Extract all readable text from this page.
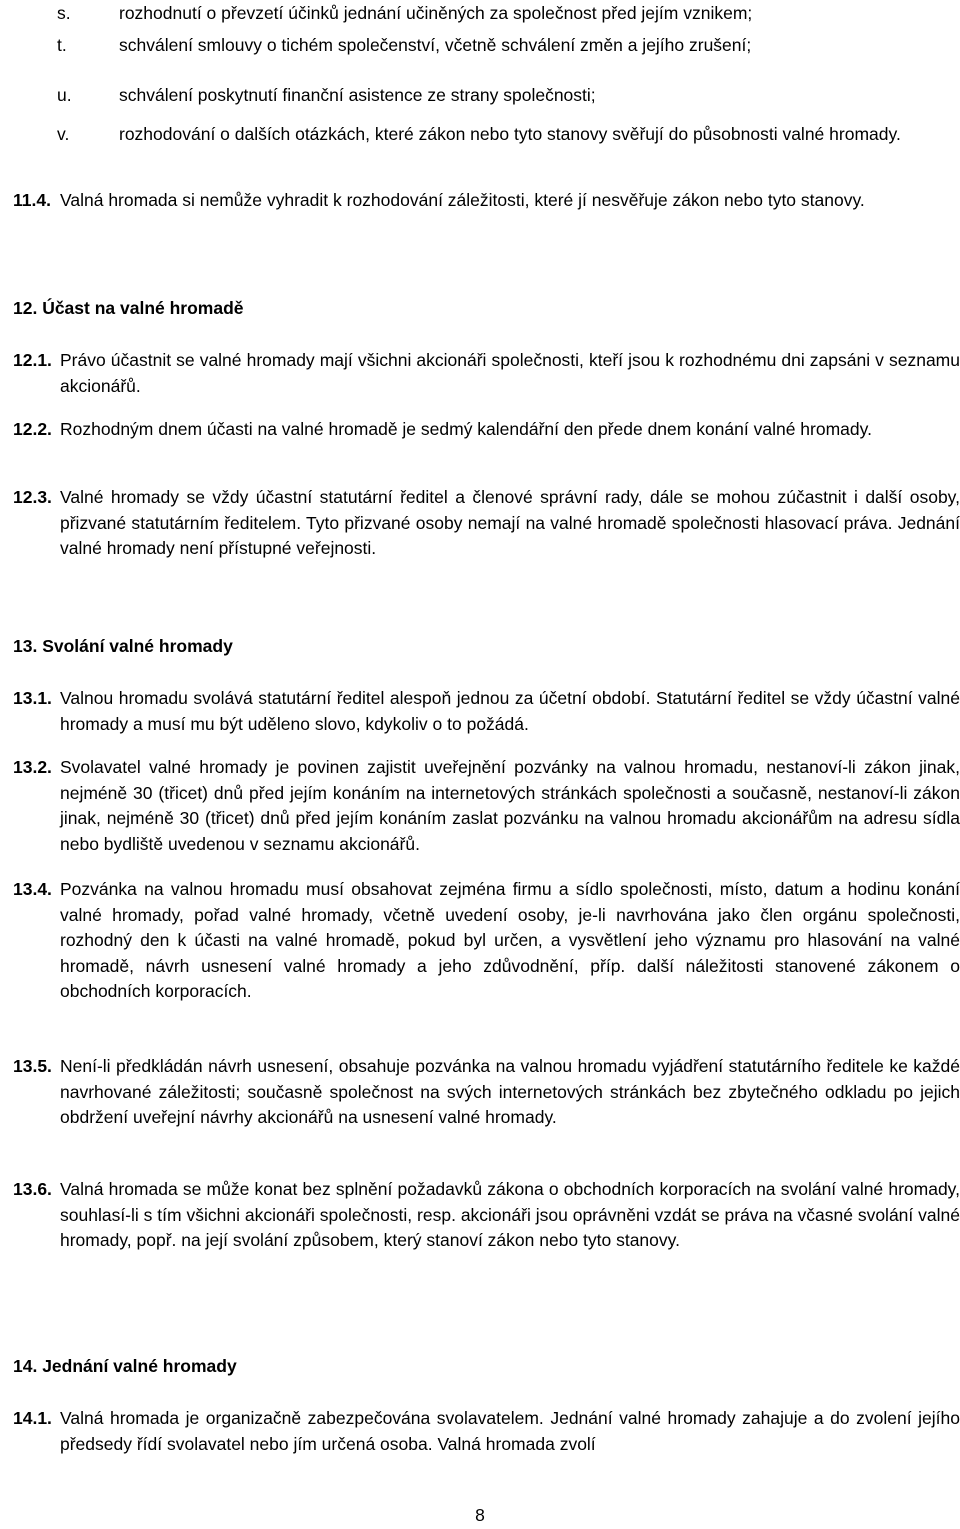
s.	rozhodnutí o převzetí účinků jednání učiněných za společnost před jejím vznikem;
t.	schválení smlouvy o tichém společenství, včetně schválení změn a jejího zrušení;
u.	schválení poskytnutí finanční asistence ze strany společnosti;
v.	rozhodování o dalších otázkách, které zákon nebo tyto stanovy svěřují do působnosti valné hromady.
11.4. Valná hromada si nemůže vyhradit k rozhodování záležitosti, které jí nesvěřuje zákon nebo tyto stanovy.
12. Účast na valné hromadě
12.1. Právo účastnit se valné hromady mají všichni akcionáři společnosti, kteří jsou k rozhodnému dni zapsáni v seznamu akcionářů.
12.2. Rozhodným dnem účasti na valné hromadě je sedmý kalendářní den přede dnem konání valné hromady.
12.3. Valné hromady se vždy účastní statutární ředitel a členové správní rady, dále se mohou zúčastnit i další osoby, přizvané statutárním ředitelem. Tyto přizvané osoby nemají na valné hromadě společnosti hlasovací práva. Jednání valné hromady není přístupné veřejnosti.
13. Svolání valné hromady
13.1. Valnou hromadu svolává statutární ředitel alespoň jednou za účetní období. Statutární ředitel se vždy účastní valné hromady a musí mu být uděleno slovo, kdykoliv o to požádá.
13.2. Svolavatel valné hromady je povinen zajistit uveřejnění pozvánky na valnou hromadu, nestanoví-li zákon jinak, nejméně 30 (třicet) dnů před jejím konáním na internetových stránkách společnosti a současně, nestanoví-li zákon jinak, nejméně 30 (třicet) dnů před jejím konáním zaslat pozvánku na valnou hromadu akcionářům na adresu sídla nebo bydliště uvedenou v seznamu akcionářů.
13.4. Pozvánka na valnou hromadu musí obsahovat zejména firmu a sídlo společnosti, místo, datum a hodinu konání valné hromady, pořad valné hromady, včetně uvedení osoby, je-li navrhována jako člen orgánu společnosti, rozhodný den k účasti na valné hromadě, pokud byl určen, a vysvětlení jeho významu pro hlasování na valné hromadě, návrh usnesení valné hromady a jeho zdůvodnění, příp. další náležitosti stanovené zákonem o obchodních korporacích.
13.5. Není-li předkládán návrh usnesení, obsahuje pozvánka na valnou hromadu vyjádření statutárního ředitele ke každé navrhované záležitosti; současně společnost na svých internetových stránkách bez zbytečného odkladu po jejich obdržení uveřejní návrhy akcionářů na usnesení valné hromady.
13.6. Valná hromada se může konat bez splnění požadavků zákona o obchodních korporacích na svolání valné hromady, souhlasí-li s tím všichni akcionáři společnosti, resp. akcionáři jsou oprávněni vzdát se práva na včasné svolání valné hromady, popř. na její svolání způsobem, který stanoví zákon nebo tyto stanovy.
14. Jednání valné hromady
14.1. Valná hromada je organizačně zabezpečována svolavatelem. Jednání valné hromady zahajuje a do zvolení jejího předsedy řídí svolavatel nebo jím určená osoba. Valná hromada zvolí
8
